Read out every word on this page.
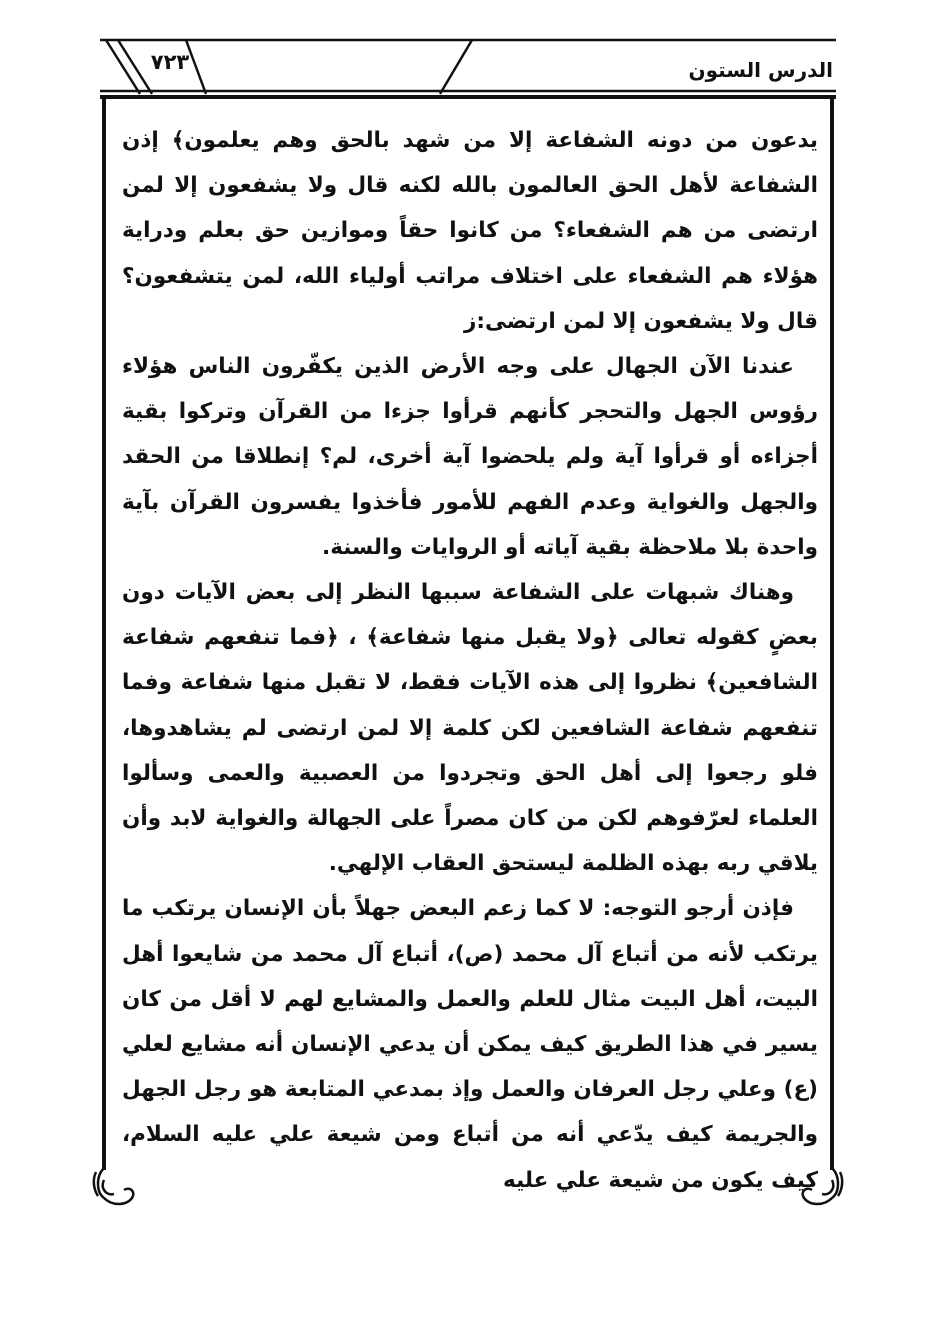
٧٢٣	الدرس الستون

يدعون من دونه الشفاعة إلا من شهد بالحق وهم يعلمون﴾ إذن الشفاعة لأهل الحق العالمون بالله لكنه قال ولا يشفعون إلا لمن ارتضى من هم الشفعاء؟ من كانوا حقاً وموازين حق بعلم ودراية هؤلاء هم الشفعاء على اختلاف مراتب أولياء الله، لمن يتشفعون؟ قال ولا يشفعون إلا لمن ارتضى:ز

عندنا الآن الجهال على وجه الأرض الذين يكفّرون الناس هؤلاء رؤوس الجهل والتحجر كأنهم قرأوا جزءا من القرآن وتركوا بقية أجزاءه أو قرأوا آية ولم يلحضوا آية أخرى، لم؟ إنطلاقا من الحقد والجهل والغواية وعدم الفهم للأمور فأخذوا يفسرون القرآن بآية واحدة بلا ملاحظة بقية آياته أو الروايات والسنة.

وهناك شبهات على الشفاعة سببها النظر إلى بعض الآيات دون بعضٍ كقوله تعالى ﴿ولا يقبل منها شفاعة﴾ ، ﴿فما تنفعهم شفاعة الشافعين﴾ نظروا إلى هذه الآيات فقط، لا تقبل منها شفاعة وفما تنفعهم شفاعة الشافعين لكن كلمة إلا لمن ارتضى لم يشاهدوها، فلو رجعوا إلى أهل الحق وتجردوا من العصبية والعمى وسألوا العلماء لعرّفوهم لكن من كان مصراً على الجهالة والغواية لابد وأن يلاقي ربه بهذه الظلمة ليستحق العقاب الإلهي.

فإذن أرجو التوجه: لا كما زعم البعض جهلاً بأن الإنسان يرتكب ما يرتكب لأنه من أتباع آل محمد (ص)، أتباع آل محمد من شايعوا أهل البيت، أهل البيت مثال للعلم والعمل والمشايع لهم لا أقل من كان يسير في هذا الطريق كيف يمكن أن يدعي الإنسان أنه مشايع لعلي (ع) وعلي رجل العرفان والعمل وإذ بمدعي المتابعة هو رجل الجهل والجريمة كيف يدّعي أنه من أتباع ومن شيعة علي عليه السلام، كيف يكون من شيعة علي عليه
